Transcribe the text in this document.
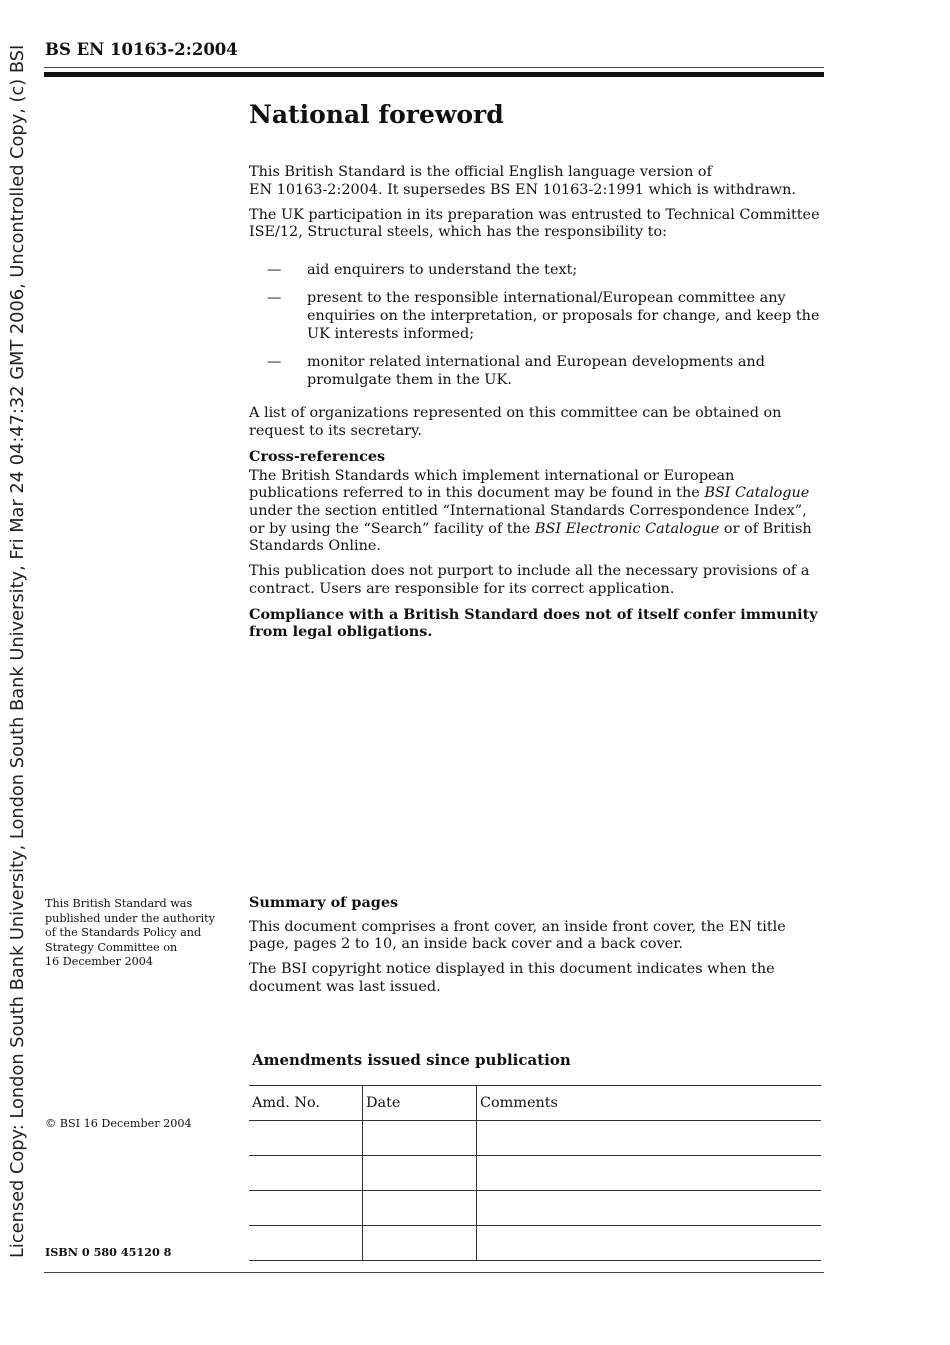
Licensed Copy: London South Bank University, London South Bank University, Fri Mar 24 04:47:32 GMT 2006, Uncontrolled Copy, (c) BSI	BS EN 10163-2:2004
National foreword

This British Standard is the official English language version of
EN 10163-2:2004. It supersedes BS EN 10163-2:1991 which is withdrawn.

The UK participation in its preparation was entrusted to Technical Committee ISE/12, Structural steels, which has the responsibility to:

— aid enquirers to understand the text;
— present to the responsible international/European committee any enquiries on the interpretation, or proposals for change, and keep the UK interests informed;
— monitor related international and European developments and promulgate them in the UK.

A list of organizations represented on this committee can be obtained on request to its secretary.

Cross-references

The British Standards which implement international or European publications referred to in this document may be found in the BSI Catalogue under the section entitled “International Standards Correspondence Index”, or by using the “Search” facility of the BSI Electronic Catalogue or of British Standards Online.

This publication does not purport to include all the necessary provisions of a contract. Users are responsible for its correct application.

Compliance with a British Standard does not of itself confer immunity from legal obligations.

This British Standard was
published under the authority
of the Standards Policy and
Strategy Committee on
16 December 2004

Summary of pages

This document comprises a front cover, an inside front cover, the EN title page, pages 2 to 10, an inside back cover and a back cover.

The BSI copyright notice displayed in this document indicates when the document was last issued.

Amendments issued since publication
Amd. No.	Date	Comments

© BSI 16 December 2004
ISBN 0 580 45120 8
